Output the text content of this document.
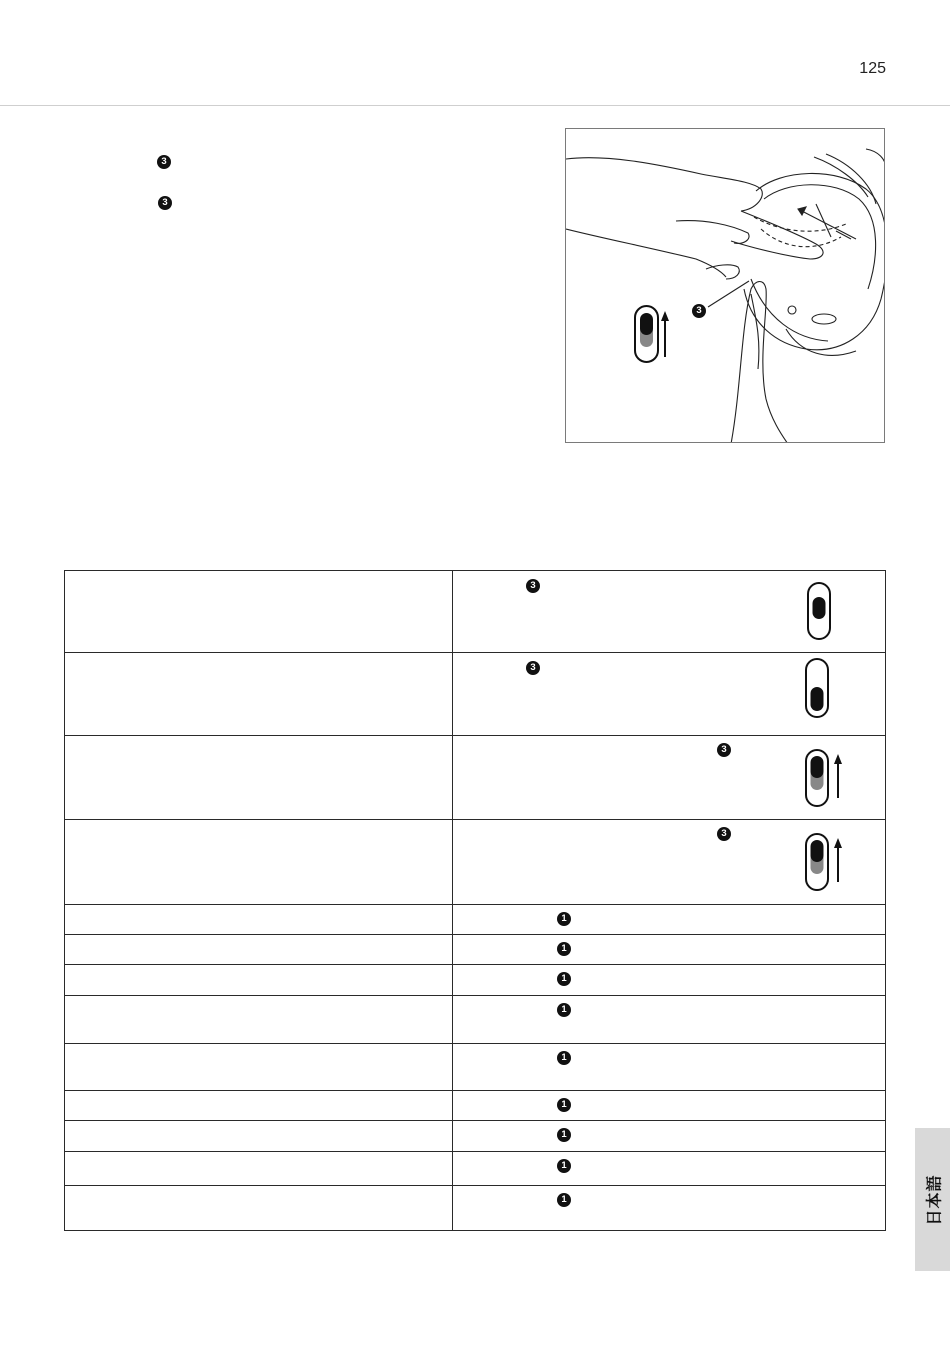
125
3
3
3

	3

	3

	3

	3

	1

	1

	1

	1

	1

	1

	1

	1

	1	日本語
